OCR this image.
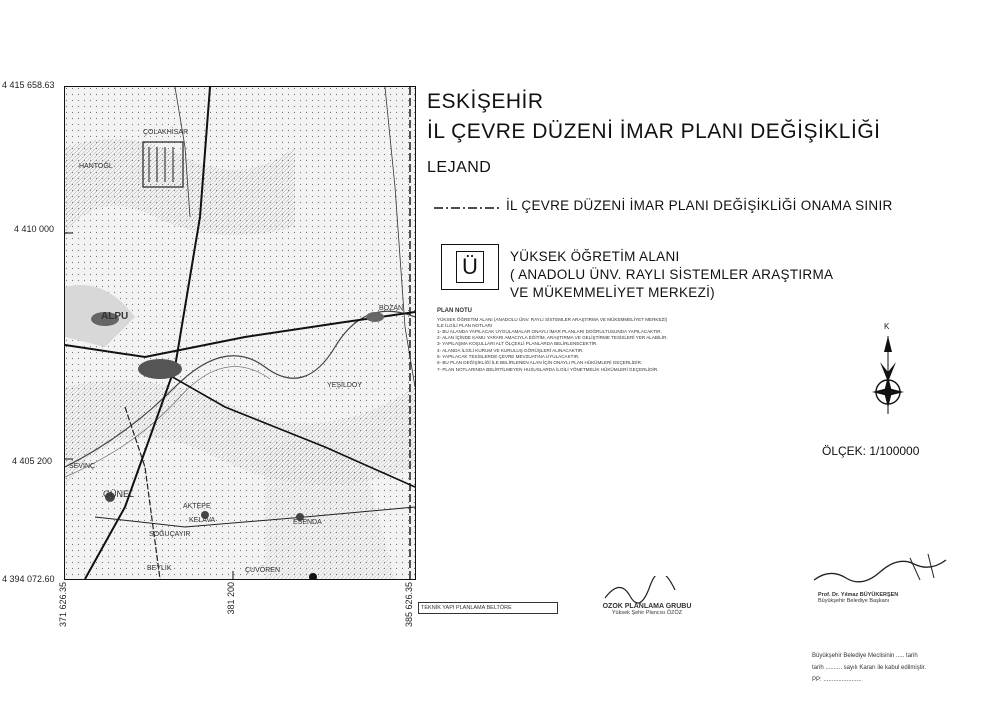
ÇOLAKHİSAR
HANTOĞL
ALPU
BOZAN
YEŞİLDOY
SEVİNÇ
GÜNEL
AKTEPE
KELAVA
SOĞUÇAYIR
ESENDA
BEYLİK	ÇUVÖREN
4 415 658.63
4 410 000
4 405 200
4 394 072.60
371 626.35	381 200	385 626.35
ESKİŞEHİR
İL ÇEVRE DÜZENİ İMAR PLANI DEĞİŞİKLİĞİ
LEJAND
İL ÇEVRE DÜZENİ İMAR PLANI DEĞİŞİKLİĞİ ONAMA SINIR
Ü	YÜKSEK ÖĞRETİM ALANI
( ANADOLU ÜNV. RAYLI SİSTEMLER ARAŞTIRMA
VE MÜKEMMELİYET MERKEZİ)
PLAN NOTU

YÜKSEK ÖĞRETİM ALANI (ANADOLU ÜNV. RAYLI SİSTEMLER ARAŞTIRMA VE MÜKEMMELİYET MERKEZİ) İLE İLGİLİ PLAN NOTLARI

1- BU ALANDA YAPILACAK UYGULAMALAR ONAYLI İMAR PLANLARI DOĞRULTUSUNDA YAPILACAKTIR.

2- ALAN İÇİNDE KAMU YARARI AMACIYLA EĞİTİM, ARAŞTIRMA VE GELİŞTİRME TESİSLERİ YER ALABİLİR.

3- YAPILAŞMA KOŞULLARI ALT ÖLÇEKLİ PLANLARDA BELİRLENECEKTİR.

4- ALANDA İLGİLİ KURUM VE KURULUŞ GÖRÜŞLERİ ALINACAKTIR.

5- YAPILACAK TESİSLERDE ÇEVRE MEVZUATINA UYULACAKTIR.

6- BU PLAN DEĞİŞİKLİĞİ İLE BELİRLENEN ALAN İÇİN ONAYLI PLAN HÜKÜMLERİ GEÇERLİDİR.

7- PLAN NOTLARINDA BELİRTİLMEYEN HUSUSLARDA İLGİLİ YÖNETMELİK HÜKÜMLERİ GEÇERLİDİR.

K
ÖLÇEK: 1/100000
TEKNİK YAPI PLANLAMA BELTÖRE	OZOK PLANLAMA GRUBU
Yüksek Şehir Plancısı ÖZÖZ
Prof. Dr. Yılmaz BÜYÜKERŞEN
Büyükşehir Belediye Başkanı
Büyükşehir Belediye Meclisinin ..... tarih
tarih .......... sayılı Kararı ile kabul edilmiştir.
PP: .......................
